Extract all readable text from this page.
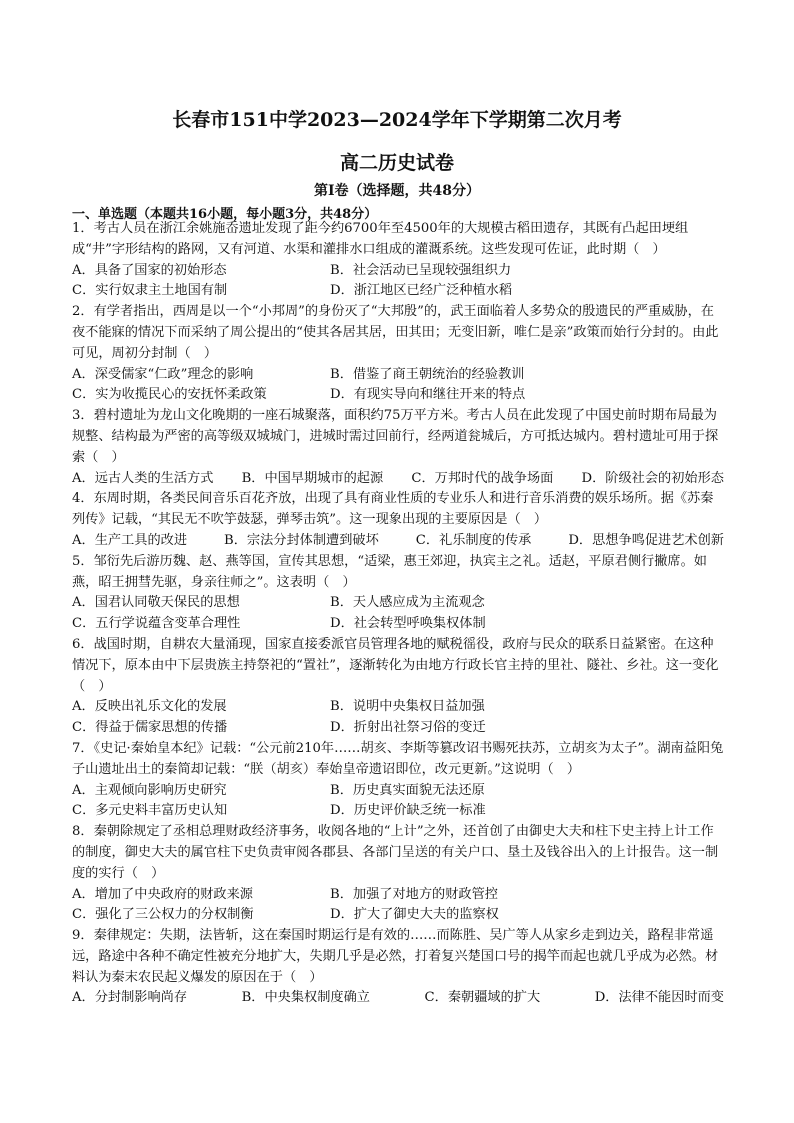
长春市151中学2023—2024学年下学期第二次月考
高二历史试卷
第Ⅰ卷（选择题，共48分）
一、单选题（本题共16小题，每小题3分，共48分）

1．考古人员在浙江余姚施岙遗址发现了距今约6700年至4500年的大规模古稻田遗存，其既有凸起田埂组成“井”字形结构的路网，又有河道、水渠和灌排水口组成的灌溉系统。这些发现可佐证，此时期（　）

A．具备了国家的初始形态	B．社会活动已呈现较强组织力
C．实行奴隶主土地国有制	D．浙江地区已经广泛种植水稻

2．有学者指出，西周是以一个“小邦周”的身份灭了“大邦殷”的，武王面临着人多势众的殷遗民的严重威胁，在夜不能寐的情况下而采纳了周公提出的“使其各居其居，田其田；无变旧新，唯仁是亲”政策而始行分封的。由此可见，周初分封制（　）

A．深受儒家“仁政”理念的影响	B．借鉴了商王朝统治的经验教训
C．实为收揽民心的安抚怀柔政策	D．有现实导向和继往开来的特点

3．碧村遗址为龙山文化晚期的一座石城聚落，面积约75万平方米。考古人员在此发现了中国史前时期布局最为规整、结构最为严密的高等级双城城门，进城时需过回前行，经两道瓮城后，方可抵达城内。碧村遗址可用于探索（　）

A．远古人类的生活方式 B．中国早期城市的起源 C．万邦时代的战争场面 D．阶级社会的初始形态

4．东周时期，各类民间音乐百花齐放，出现了具有商业性质的专业乐人和进行音乐消费的娱乐场所。据《苏秦列传》记载，“其民无不吹竽鼓瑟，弹琴击筑”。这一现象出现的主要原因是（　）

A．生产工具的改进	B．宗法分封体制遭到破坏	C．礼乐制度的传承	D．思想争鸣促进艺术创新

5．邹衍先后游历魏、赵、燕等国，宣传其思想，“适梁，惠王郊迎，执宾主之礼。适赵，平原君侧行撇席。如燕，昭王拥彗先驱，身亲往师之”。这表明（　）

A．国君认同敬天保民的思想	B．天人感应成为主流观念
C．五行学说蕴含变革合理性	D．社会转型呼唤集权体制

6．战国时期，自耕农大量涌现，国家直接委派官员管理各地的赋税徭役，政府与民众的联系日益紧密。在这种情况下，原本由中下层贵族主持祭祀的“置社”，逐渐转化为由地方行政长官主持的里社、隧社、乡社。这一变化（　）

A．反映出礼乐文化的发展	B．说明中央集权日益加强
C．得益于儒家思想的传播	D．折射出社祭习俗的变迁

7．《史记·秦始皇本纪》记载：“公元前210年……胡亥、李斯等篡改诏书赐死扶苏，立胡亥为太子”。湖南益阳兔子山遗址出土的秦简却记载：“朕（胡亥）奉始皇帝遗诏即位，改元更新。”这说明（　）

A．主观倾向影响历史研究	B．历史真实面貌无法还原
C．多元史料丰富历史认知	D．历史评价缺乏统一标准

8．秦朝除规定了丞相总理财政经济事务，收阅各地的“上计”之外，还首创了由御史大夫和柱下史主持上计工作的制度，御史大夫的属官柱下史负责审阅各郡县、各部门呈送的有关户口、垦土及钱谷出入的上计报告。这一制度的实行（　）

A．增加了中央政府的财政来源	B．加强了对地方的财政管控
C．强化了三公权力的分权制衡	D．扩大了御史大夫的监察权

9．秦律规定：失期，法皆斩，这在秦国时期运行是有效的……而陈胜、吴广等人从家乡走到边关，路程非常遥远，路途中各种不确定性被充分地扩大，失期几乎是必然，打着复兴楚国口号的揭竿而起也就几乎成为必然。材料认为秦末农民起义爆发的原因在于（　）

A．分封制影响尚存	B．中央集权制度确立	C．秦朝疆域的扩大	D．法律不能因时而变
